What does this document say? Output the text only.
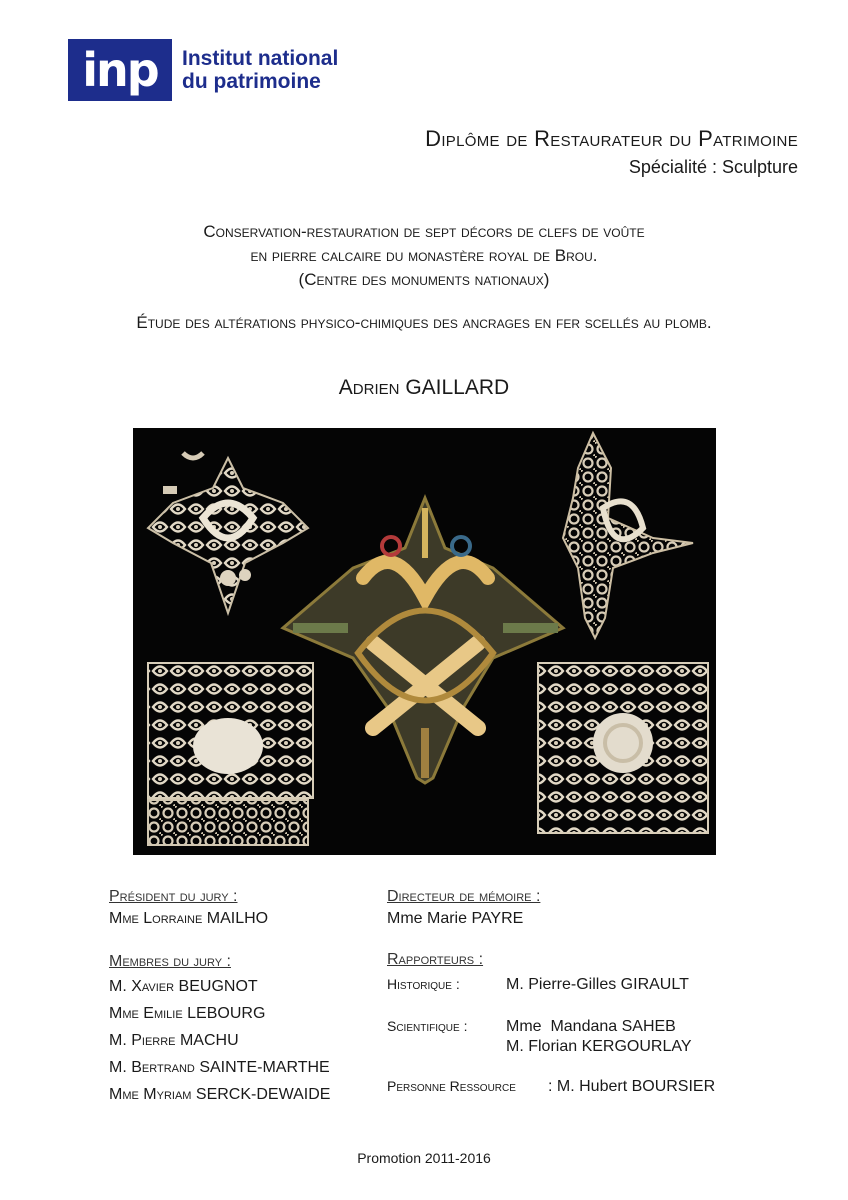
inp	Institut national
du patrimoine
Diplôme de Restaurateur du Patrimoine
Spécialité : Sculpture
Conservation-restauration de sept décors de clefs de voûte
en pierre calcaire du monastère royal de Brou.
(Centre des monuments nationaux)
Étude des altérations physico-chimiques des ancrages en fer scellés au plomb.
Adrien GAILLARD
Président du jury :
Mme Lorraine MAILHO
Membres du jury :
M. Xavier BEUGNOT
Mme Emilie LEBOURG
M. Pierre MACHU
M. Bertrand SAINTE-MARTHE
Mme Myriam SERCK-DEWAIDE
Directeur de mémoire :
Mme Marie PAYRE
Rapporteurs :
Historique :	M. Pierre-Gilles GIRAULT
Scientifique : Mme  Mandana SAHEB
M. Florian KERGOURLAY
Personne Ressource : M. Hubert BOURSIER
Promotion 2011-2016
